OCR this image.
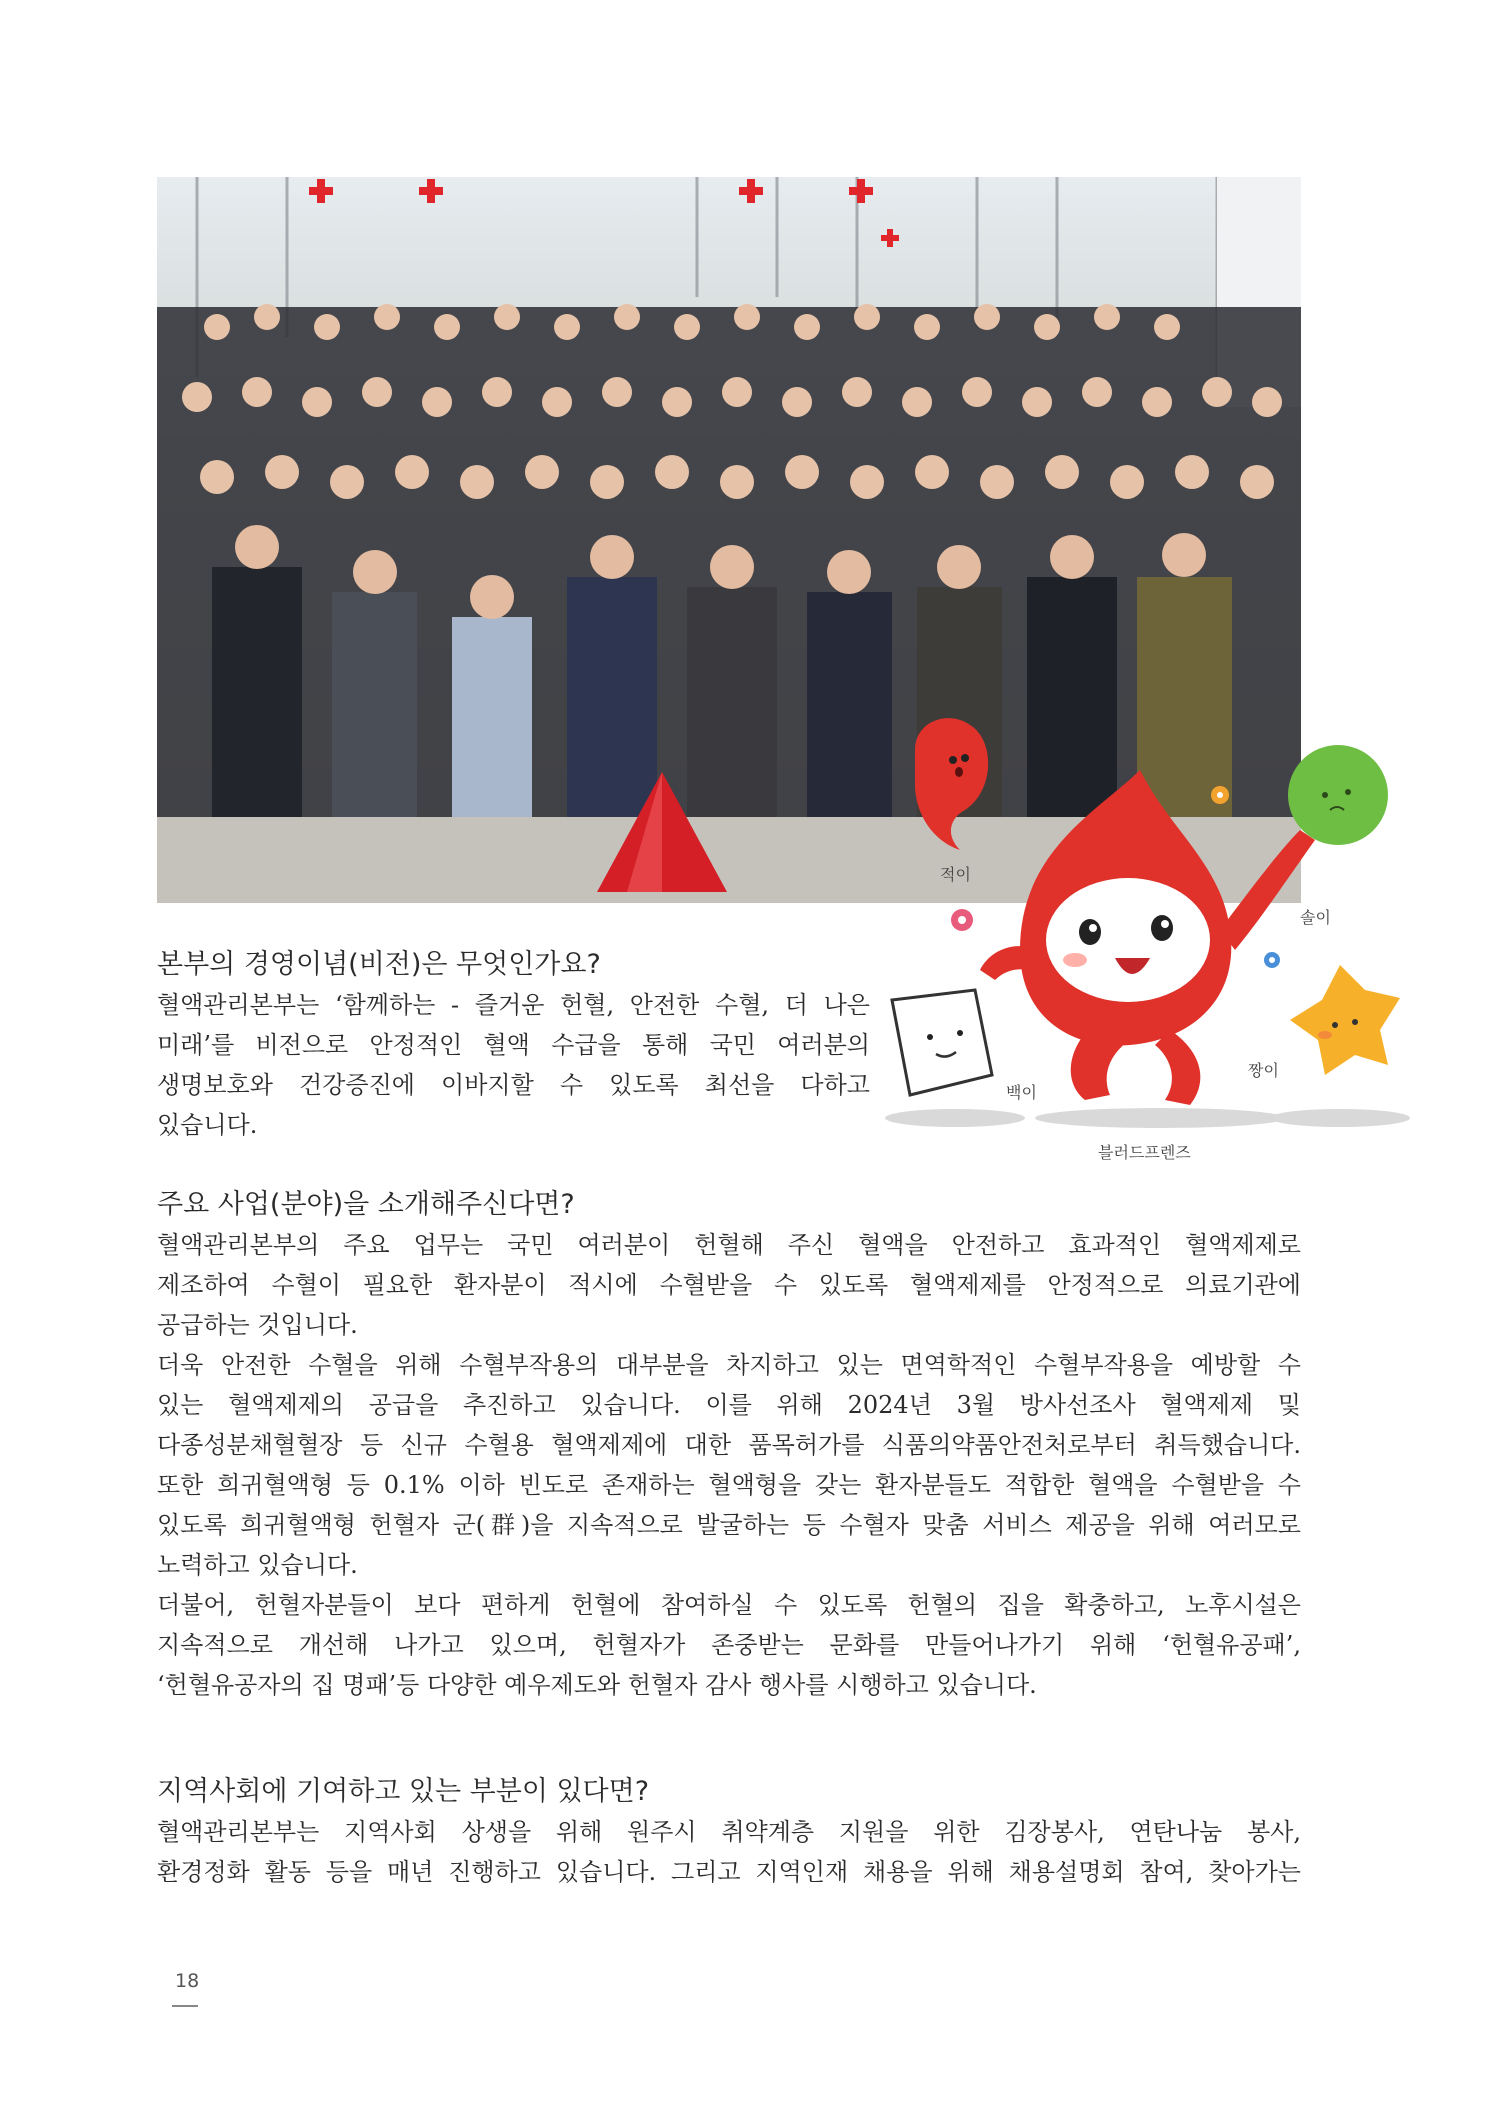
적이
솔이
짱이
백이
블러드프렌즈
본부의 경영이념(비전)은 무엇인가요?

혈액관리본부는 ‘함께하는 - 즐거운 헌혈, 안전한 수혈, 더 나은

미래’를 비전으로 안정적인 혈액 수급을 통해 국민 여러분의

생명보호와 건강증진에 이바지할 수 있도록 최선을 다하고

있습니다.

주요 사업(분야)을 소개해주신다면?

혈액관리본부의 주요 업무는 국민 여러분이 헌혈해 주신 혈액을 안전하고 효과적인 혈액제제로

제조하여 수혈이 필요한 환자분이 적시에 수혈받을 수 있도록 혈액제제를 안정적으로 의료기관에

공급하는 것입니다.

더욱 안전한 수혈을 위해 수혈부작용의 대부분을 차지하고 있는 면역학적인 수혈부작용을 예방할 수

있는 혈액제제의 공급을 추진하고 있습니다. 이를 위해 2024년 3월 방사선조사 혈액제제 및

다종성분채혈혈장 등 신규 수혈용 혈액제제에 대한 품목허가를 식품의약품안전처로부터 취득했습니다.

또한 희귀혈액형 등 0.1% 이하 빈도로 존재하는 혈액형을 갖는 환자분들도 적합한 혈액을 수혈받을 수

있도록 희귀혈액형 헌혈자 군(群)을 지속적으로 발굴하는 등 수혈자 맞춤 서비스 제공을 위해 여러모로

노력하고 있습니다.

더불어, 헌혈자분들이 보다 편하게 헌혈에 참여하실 수 있도록 헌혈의 집을 확충하고, 노후시설은

지속적으로 개선해 나가고 있으며, 헌혈자가 존중받는 문화를 만들어나가기 위해 ‘헌혈유공패’,

‘헌혈유공자의 집 명패’등 다양한 예우제도와 헌혈자 감사 행사를 시행하고 있습니다.

지역사회에 기여하고 있는 부분이 있다면?

혈액관리본부는 지역사회 상생을 위해 원주시 취약계층 지원을 위한 김장봉사, 연탄나눔 봉사,

환경정화 활동 등을 매년 진행하고 있습니다. 그리고 지역인재 채용을 위해 채용설명회 참여, 찾아가는

18
